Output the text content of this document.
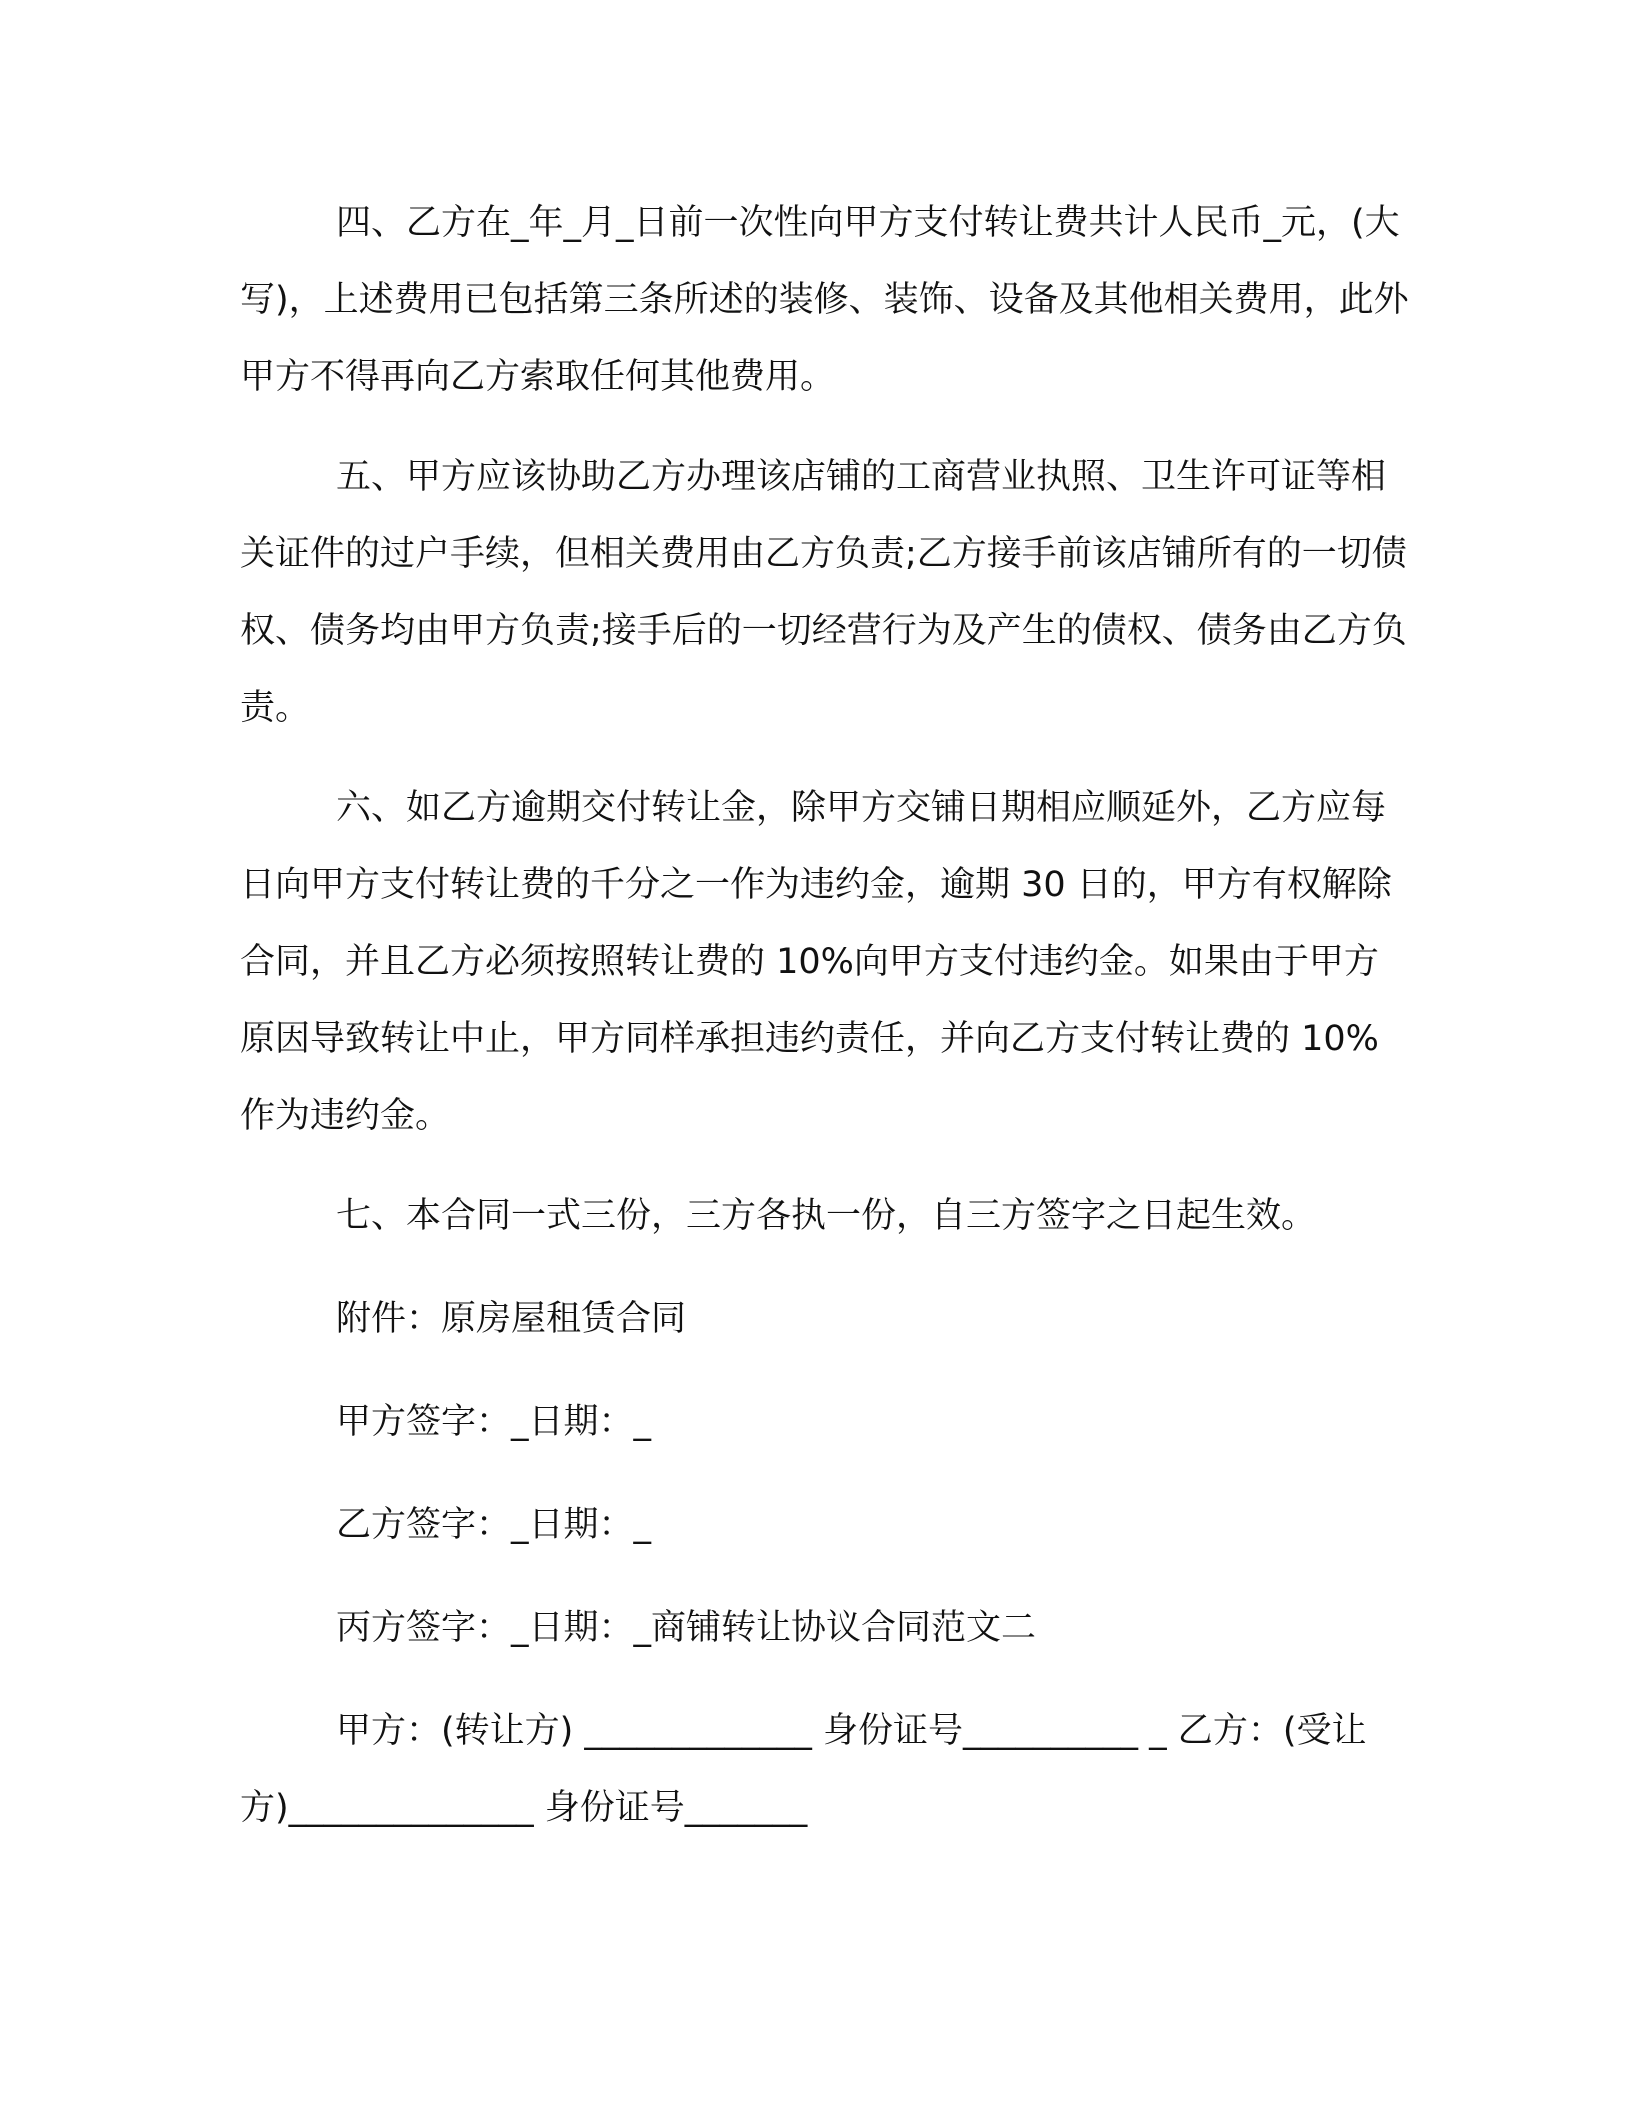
四、乙方在_年_月_日前一次性向甲方支付转让费共计人民币_元，(大写)，上述费用已包括第三条所述的装修、装饰、设备及其他相关费用，此外甲方不得再向乙方索取任何其他费用。

五、甲方应该协助乙方办理该店铺的工商营业执照、卫生许可证等相关证件的过户手续，但相关费用由乙方负责;乙方接手前该店铺所有的一切债权、债务均由甲方负责;接手后的一切经营行为及产生的债权、债务由乙方负责。

六、如乙方逾期交付转让金，除甲方交铺日期相应顺延外，乙方应每日向甲方支付转让费的千分之一作为违约金，逾期 30 日的，甲方有权解除合同，并且乙方必须按照转让费的 10%向甲方支付违约金。如果由于甲方原因导致转让中止，甲方同样承担违约责任，并向乙方支付转让费的 10%作为违约金。

七、本合同一式三份，三方各执一份，自三方签字之日起生效。

附件：原房屋租赁合同

甲方签字：_日期：_

乙方签字：_日期：_

丙方签字：_日期：_商铺转让协议合同范文二

甲方：(转让方) _____________ 身份证号__________ _ 乙方：(受让方)______________ 身份证号_______
